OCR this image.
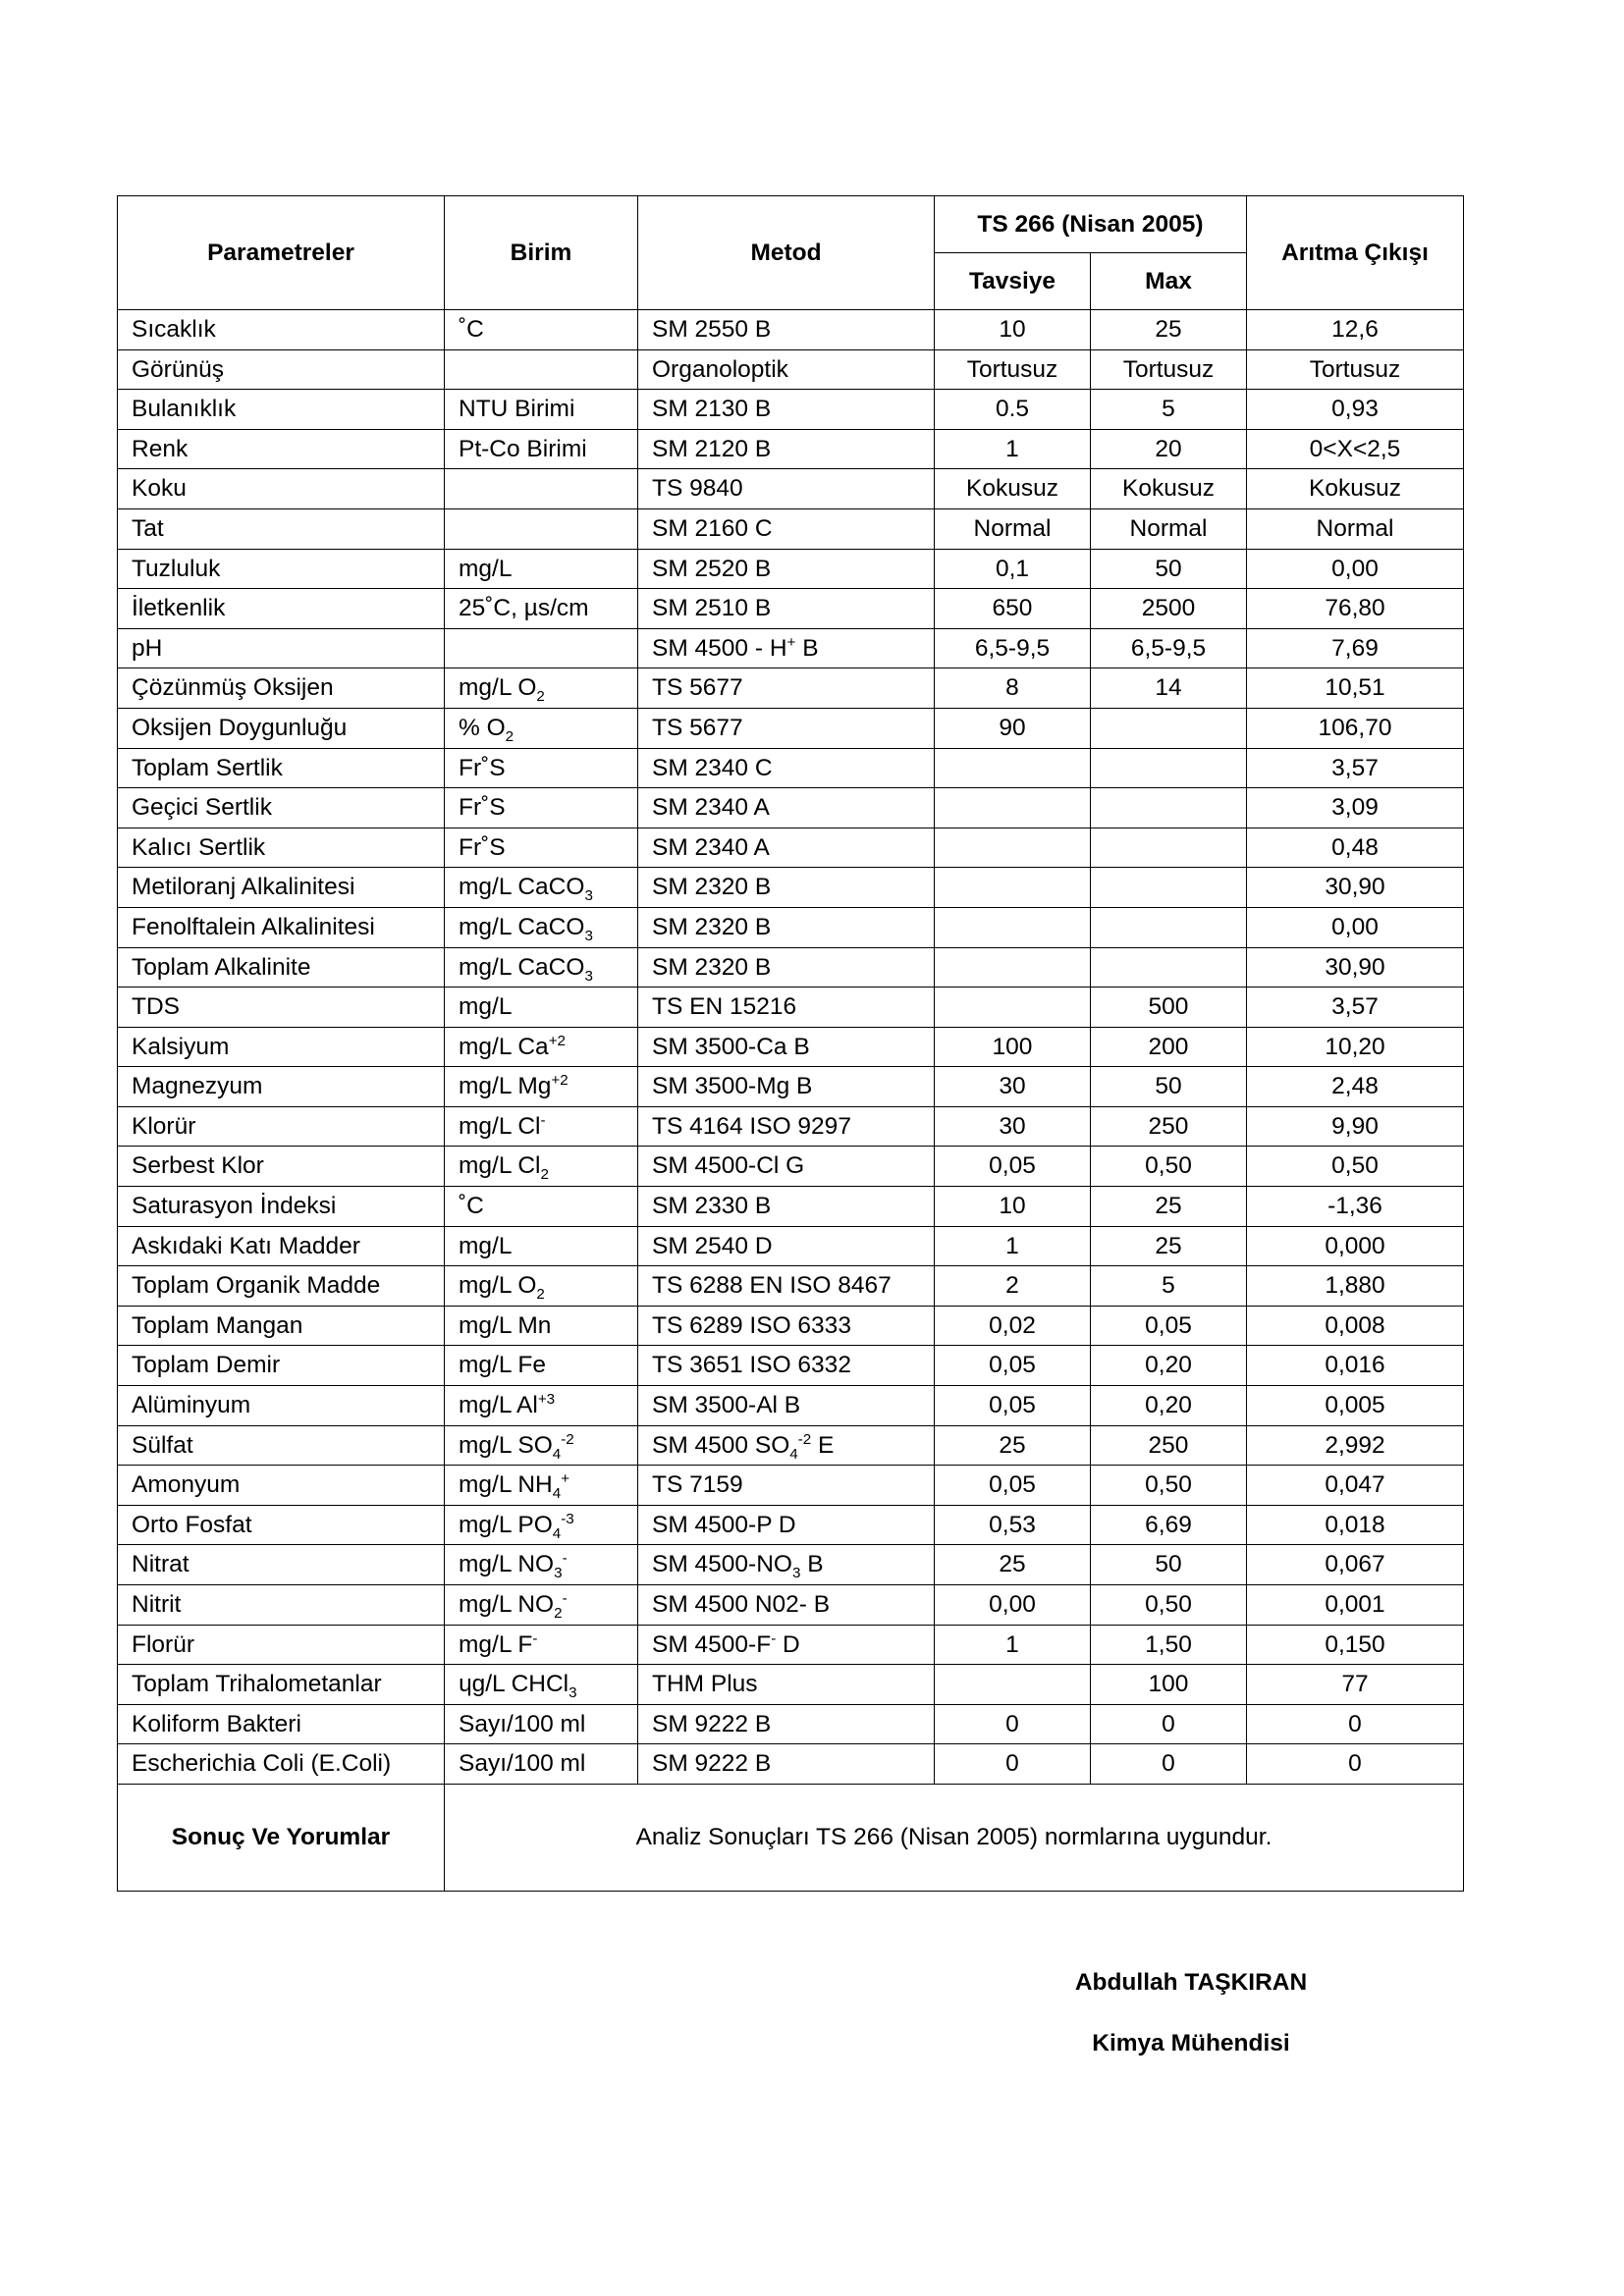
Parametreler	Birim	Metod	TS 266 (Nisan 2005)		Arıtma Çıkışı
			Tavsiye	Max	
Sıcaklık	˚C	SM 2550 B	10	25	12,6
Görünüş		Organoloptik	Tortusuz	Tortusuz	Tortusuz
Bulanıklık	NTU Birimi	SM 2130 B	0.5	5	0,93
Renk	Pt-Co Birimi	SM 2120 B	1	20	0<X<2,5
Koku		TS 9840	Kokusuz	Kokusuz	Kokusuz
Tat		SM 2160 C	Normal	Normal	Normal
Tuzluluk	mg/L	SM 2520 B	0,1	50	0,00
İletkenlik	25˚C, µs/cm	SM 2510 B	650	2500	76,80
pH		SM 4500 - H+ B	6,5-9,5	6,5-9,5	7,69
Çözünmüş Oksijen	mg/L $O_2$	TS 5677	8	14	10,51
Oksijen Doygunluğu	% $O_2$	TS 5677	90		106,70
Toplam Sertlik	Fr˚S	SM 2340 C			3,57
Geçici Sertlik	Fr˚S	SM 2340 A			3,09
Kalıcı Sertlik	Fr˚S	SM 2340 A			0,48
Metiloranj Alkalinitesi	mg/L CaCO$_3$	SM 2320 B			30,90
Fenolftalein Alkalinitesi	mg/L CaCO$_3$	SM 2320 B			0,00
Toplam Alkalinite	mg/L CaCO$_3$	SM 2320 B			30,90
TDS	mg/L	TS EN 15216		500	3,57
Kalsiyum	mg/L $Ca^{+2}$	SM 3500-Ca B	100	200	10,20
Magnezyum	mg/L $Mg^{+2}$	SM 3500-Mg B	30	50	2,48
Klorür	mg/L Cl-	TS 4164 ISO 9297	30	250	9,90
Serbest Klor	mg/L $Cl_2$	SM 4500-Cl G	0,05	0,50	0,50
Saturasyon İndeksi	˚C	SM 2330 B	10	25	-1,36
Askıdaki Katı Madder	mg/L	SM 2540 D	1	25	0,000
Toplam Organik Madde	mg/L $O_2$	TS 6288 EN ISO 8467	2	5	1,880
Toplam Mangan	mg/L Mn	TS 6289 ISO 6333	0,02	0,05	0,008
Toplam Demir	mg/L Fe	TS 3651 ISO 6332	0,05	0,20	0,016
Alüminyum	mg/L $Al^{+3}$	SM 3500-Al B	0,05	0,20	0,005
Sülfat	mg/L $SO_4^{-2}$	SM 4500 $SO_4^{-2}$ E	25	250	2,992
Amonyum	mg/L $NH_4^+$	TS 7159	0,05	0,50	0,047
Orto Fosfat	mg/L $PO_4^{-3}$	SM 4500-P D	0,53	6,69	0,018
Nitrat	mg/L $NO_3^-$	SM $4500-NO_3$ B	25	50	0,067
Nitrit	mg/L $NO_2^-$	SM 4500 N02- B	0,00	0,50	0,001
Florür	mg/L F-	SM 4500-F- D	1	1,50	0,150
Toplam Trihalometanlar	ɥg/L CHCl$_3$	THM Plus		100	77
Koliform Bakteri	Sayı/100 ml	SM 9222 B	0	0	0
Escherichia Coli (E.Coli)	Sayı/100 ml	SM 9222 B	0	0	0
Sonuç Ve Yorumlar	Analiz Sonuçları TS 266 (Nisan 2005) normlarına uygundur.				
Abdullah TAŞKIRAN
Kimya Mühendisi
